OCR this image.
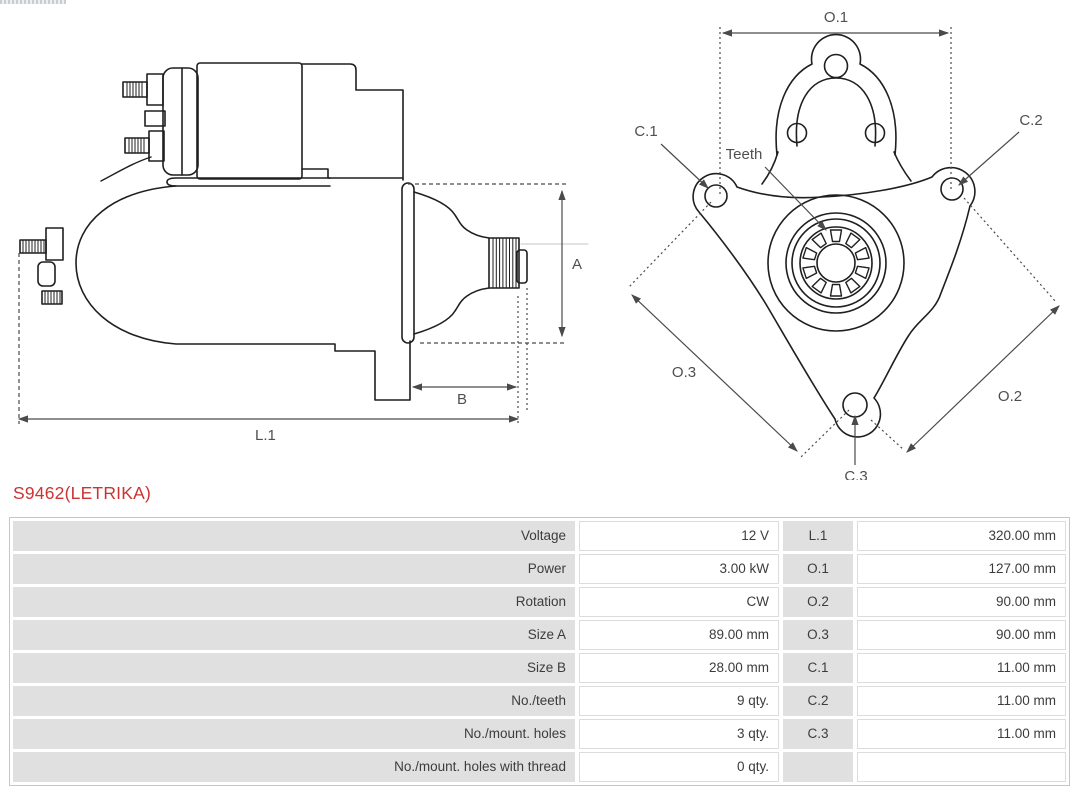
A
B
L.1
O.1
Teeth
C.1
C.2
C.3
O.3
O.2
S9462(LETRIKA)
Voltage	12 V	L.1	320.00 mm
Power	3.00 kW	O.1	127.00 mm
Rotation	CW	O.2	90.00 mm
Size A	89.00 mm	O.3	90.00 mm
Size B	28.00 mm	C.1	11.00 mm
No./teeth	9 qty.	C.2	11.00 mm
No./mount. holes	3 qty.	C.3	11.00 mm
No./mount. holes with thread	0 qty.
